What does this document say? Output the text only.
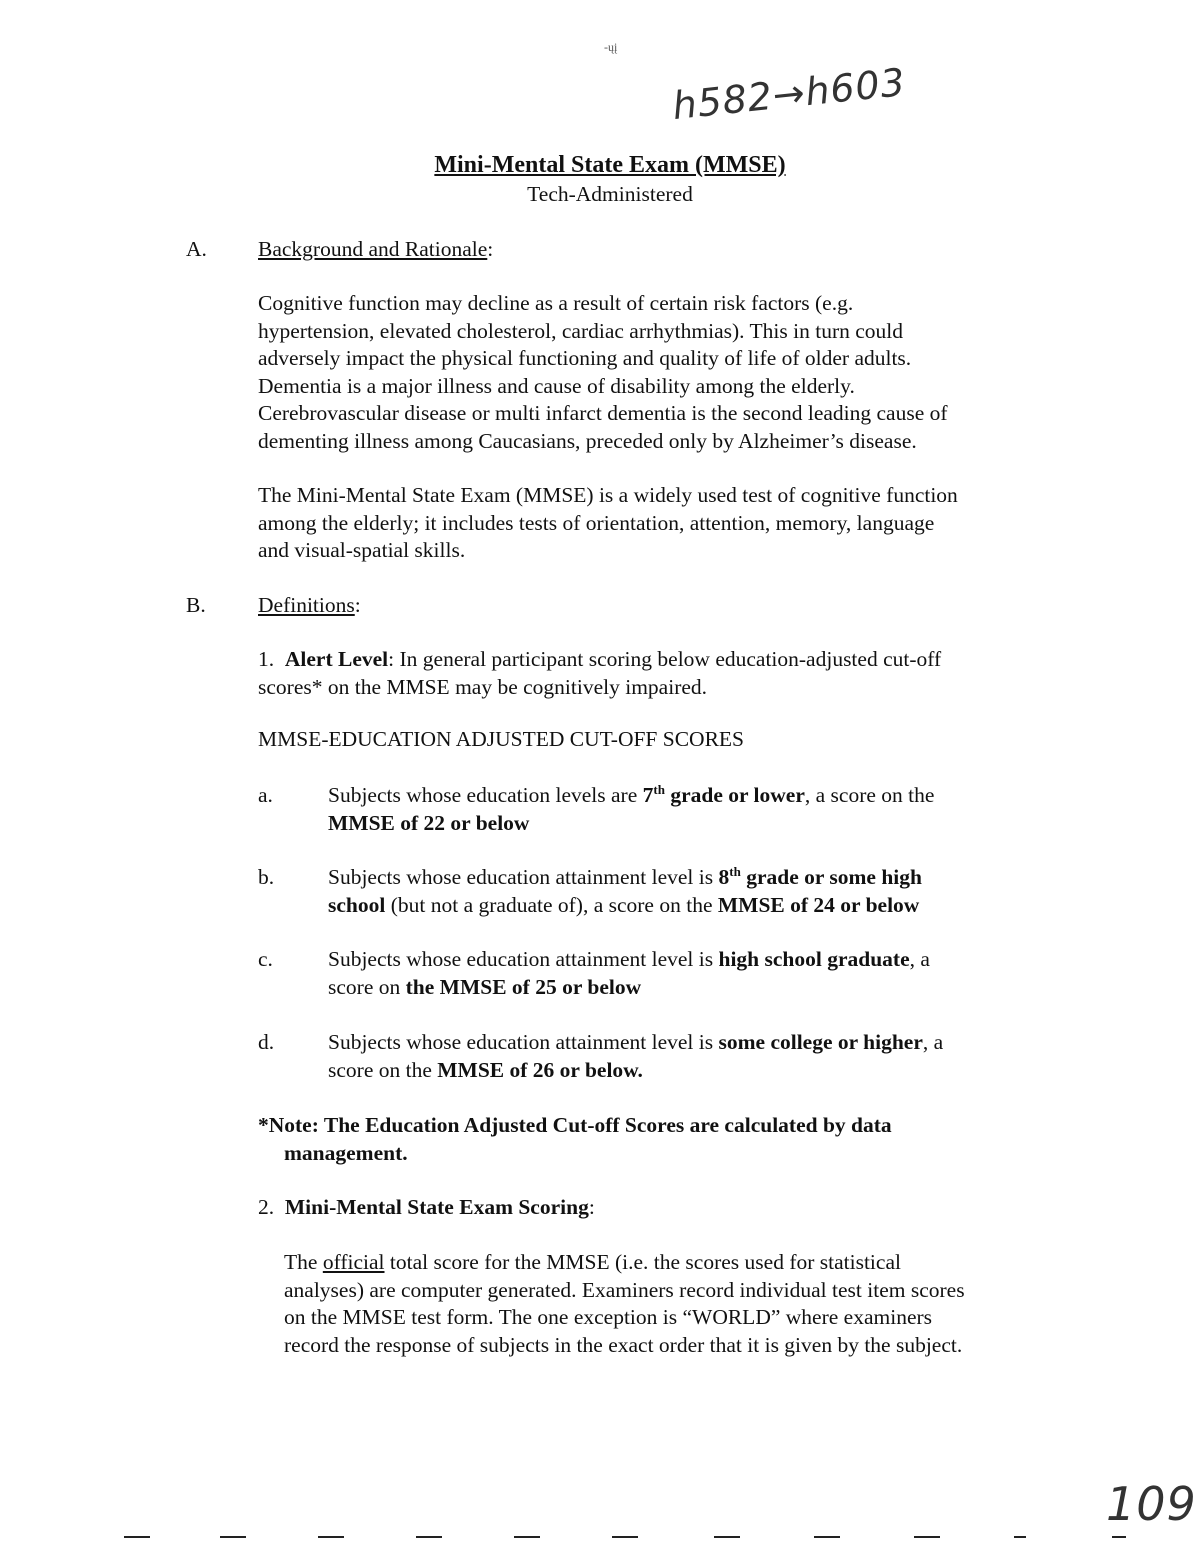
-ųį
h582→h603
Mini-Mental State Exam (MMSE)
Tech-Administered
A. Background and Rationale:
Cognitive function may decline as a result of certain risk factors (e.g.
hypertension, elevated cholesterol, cardiac arrhythmias). This in turn could
adversely impact the physical functioning and quality of life of older adults.
Dementia is a major illness and cause of disability among the elderly.
Cerebrovascular disease or multi infarct dementia is the second leading cause of
dementing illness among Caucasians, preceded only by Alzheimer’s disease.
The Mini-Mental State Exam (MMSE) is a widely used test of cognitive function
among the elderly; it includes tests of orientation, attention, memory, language
and visual-spatial skills.
B. Definitions:
1. Alert Level: In general participant scoring below education-adjusted cut-off
scores* on the MMSE may be cognitively impaired.
MMSE-EDUCATION ADJUSTED CUT-OFF SCORES
a.	Subjects whose education levels are 7th grade or lower, a score on the
MMSE of 22 or below
b.	Subjects whose education attainment level is 8th grade or some high
school (but not a graduate of), a score on the MMSE of 24 or below
c.	Subjects whose education attainment level is high school graduate, a
score on the MMSE of 25 or below
d.	Subjects whose education attainment level is some college or higher, a
score on the MMSE of 26 or below.
*Note: The Education Adjusted Cut-off Scores are calculated by data
management.
2. Mini-Mental State Exam Scoring:
The official total score for the MMSE (i.e. the scores used for statistical
analyses) are computer generated. Examiners record individual test item scores
on the MMSE test form. The one exception is “WORLD” where examiners
record the response of subjects in the exact order that it is given by the subject.
109
